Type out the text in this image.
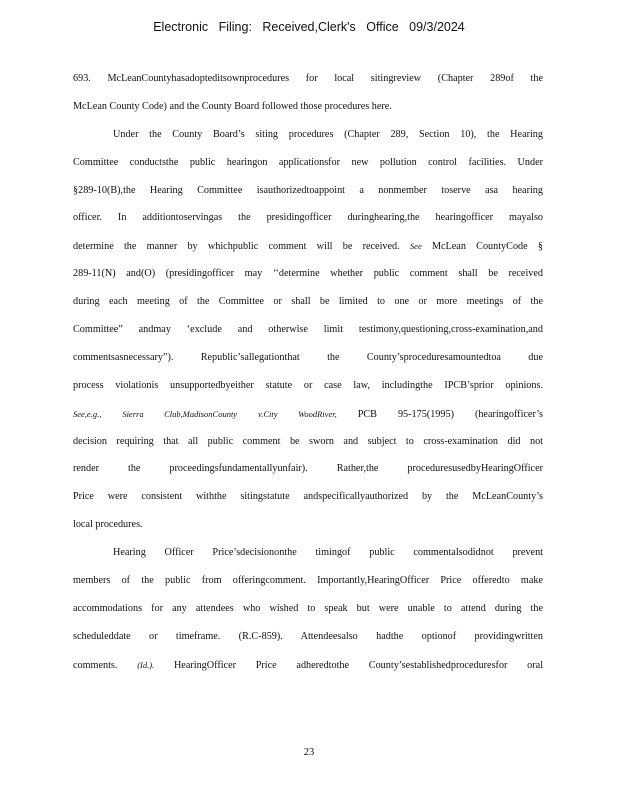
Electronic Filing: Received,Clerk's Office 09/3/2024
693. McLeanCountyhasadopteditsownprocedures for local sitingreview (Chapter 289of the
McLean County Code) and the County Board followed those procedures here.
Under the County Board’s siting procedures (Chapter 289, Section 10), the Hearing
Committee conductsthe public hearingon applicationsfor new pollution control facilities. Under
§289-10(B),the Hearing Committee isauthorizedtoappoint a nonmember toserve asa hearing
officer. In additiontoservingas the presidingofficer duringhearing,the hearingofficer mayalso
determine the manner by whichpublic comment will be received. See McLean CountyCode §
289-11(N) and(O) (presidingofficer may ‘‘determine whether public comment shall be received
during each meeting of the Committee or shall be limited to one or more meetings of the
Committee” andmay ‘exclude and otherwise limit testimony,questioning,cross-examination,and
commentsasnecessary”). Republic’sallegationthat the County’sproceduresamountedtoa due
process violationis unsupportedbyeither statute or case law, includingthe IPCB’sprior opinions.
See,e.g., Sierra Club,MadisonCounty v.City WoodRiver, PCB 95-175(1995) (hearingofficer’s
decision requiring that all public comment be sworn and subject to cross-examination did not
render the proceedingsfundamentallyunfair). Rather,the proceduresusedbyHearingOfficer
Price were consistent withthe sitingstatute andspecificallyauthorized by the McLeanCounty’s
local procedures.
Hearing Officer Price’sdecisiononthe timingof public commentalsodidnot prevent
members of the public from offeringcomment. Importantly,HearingOfficer Price offeredto make
accommodations for any attendees who wished to speak but were unable to attend during the
scheduleddate or timeframe. (R.C-859). Attendeesalso hadthe optionof providingwritten
comments. (Id.). HearingOfficer Price adheredtothe County’sestablishedproceduresfor oral
23
